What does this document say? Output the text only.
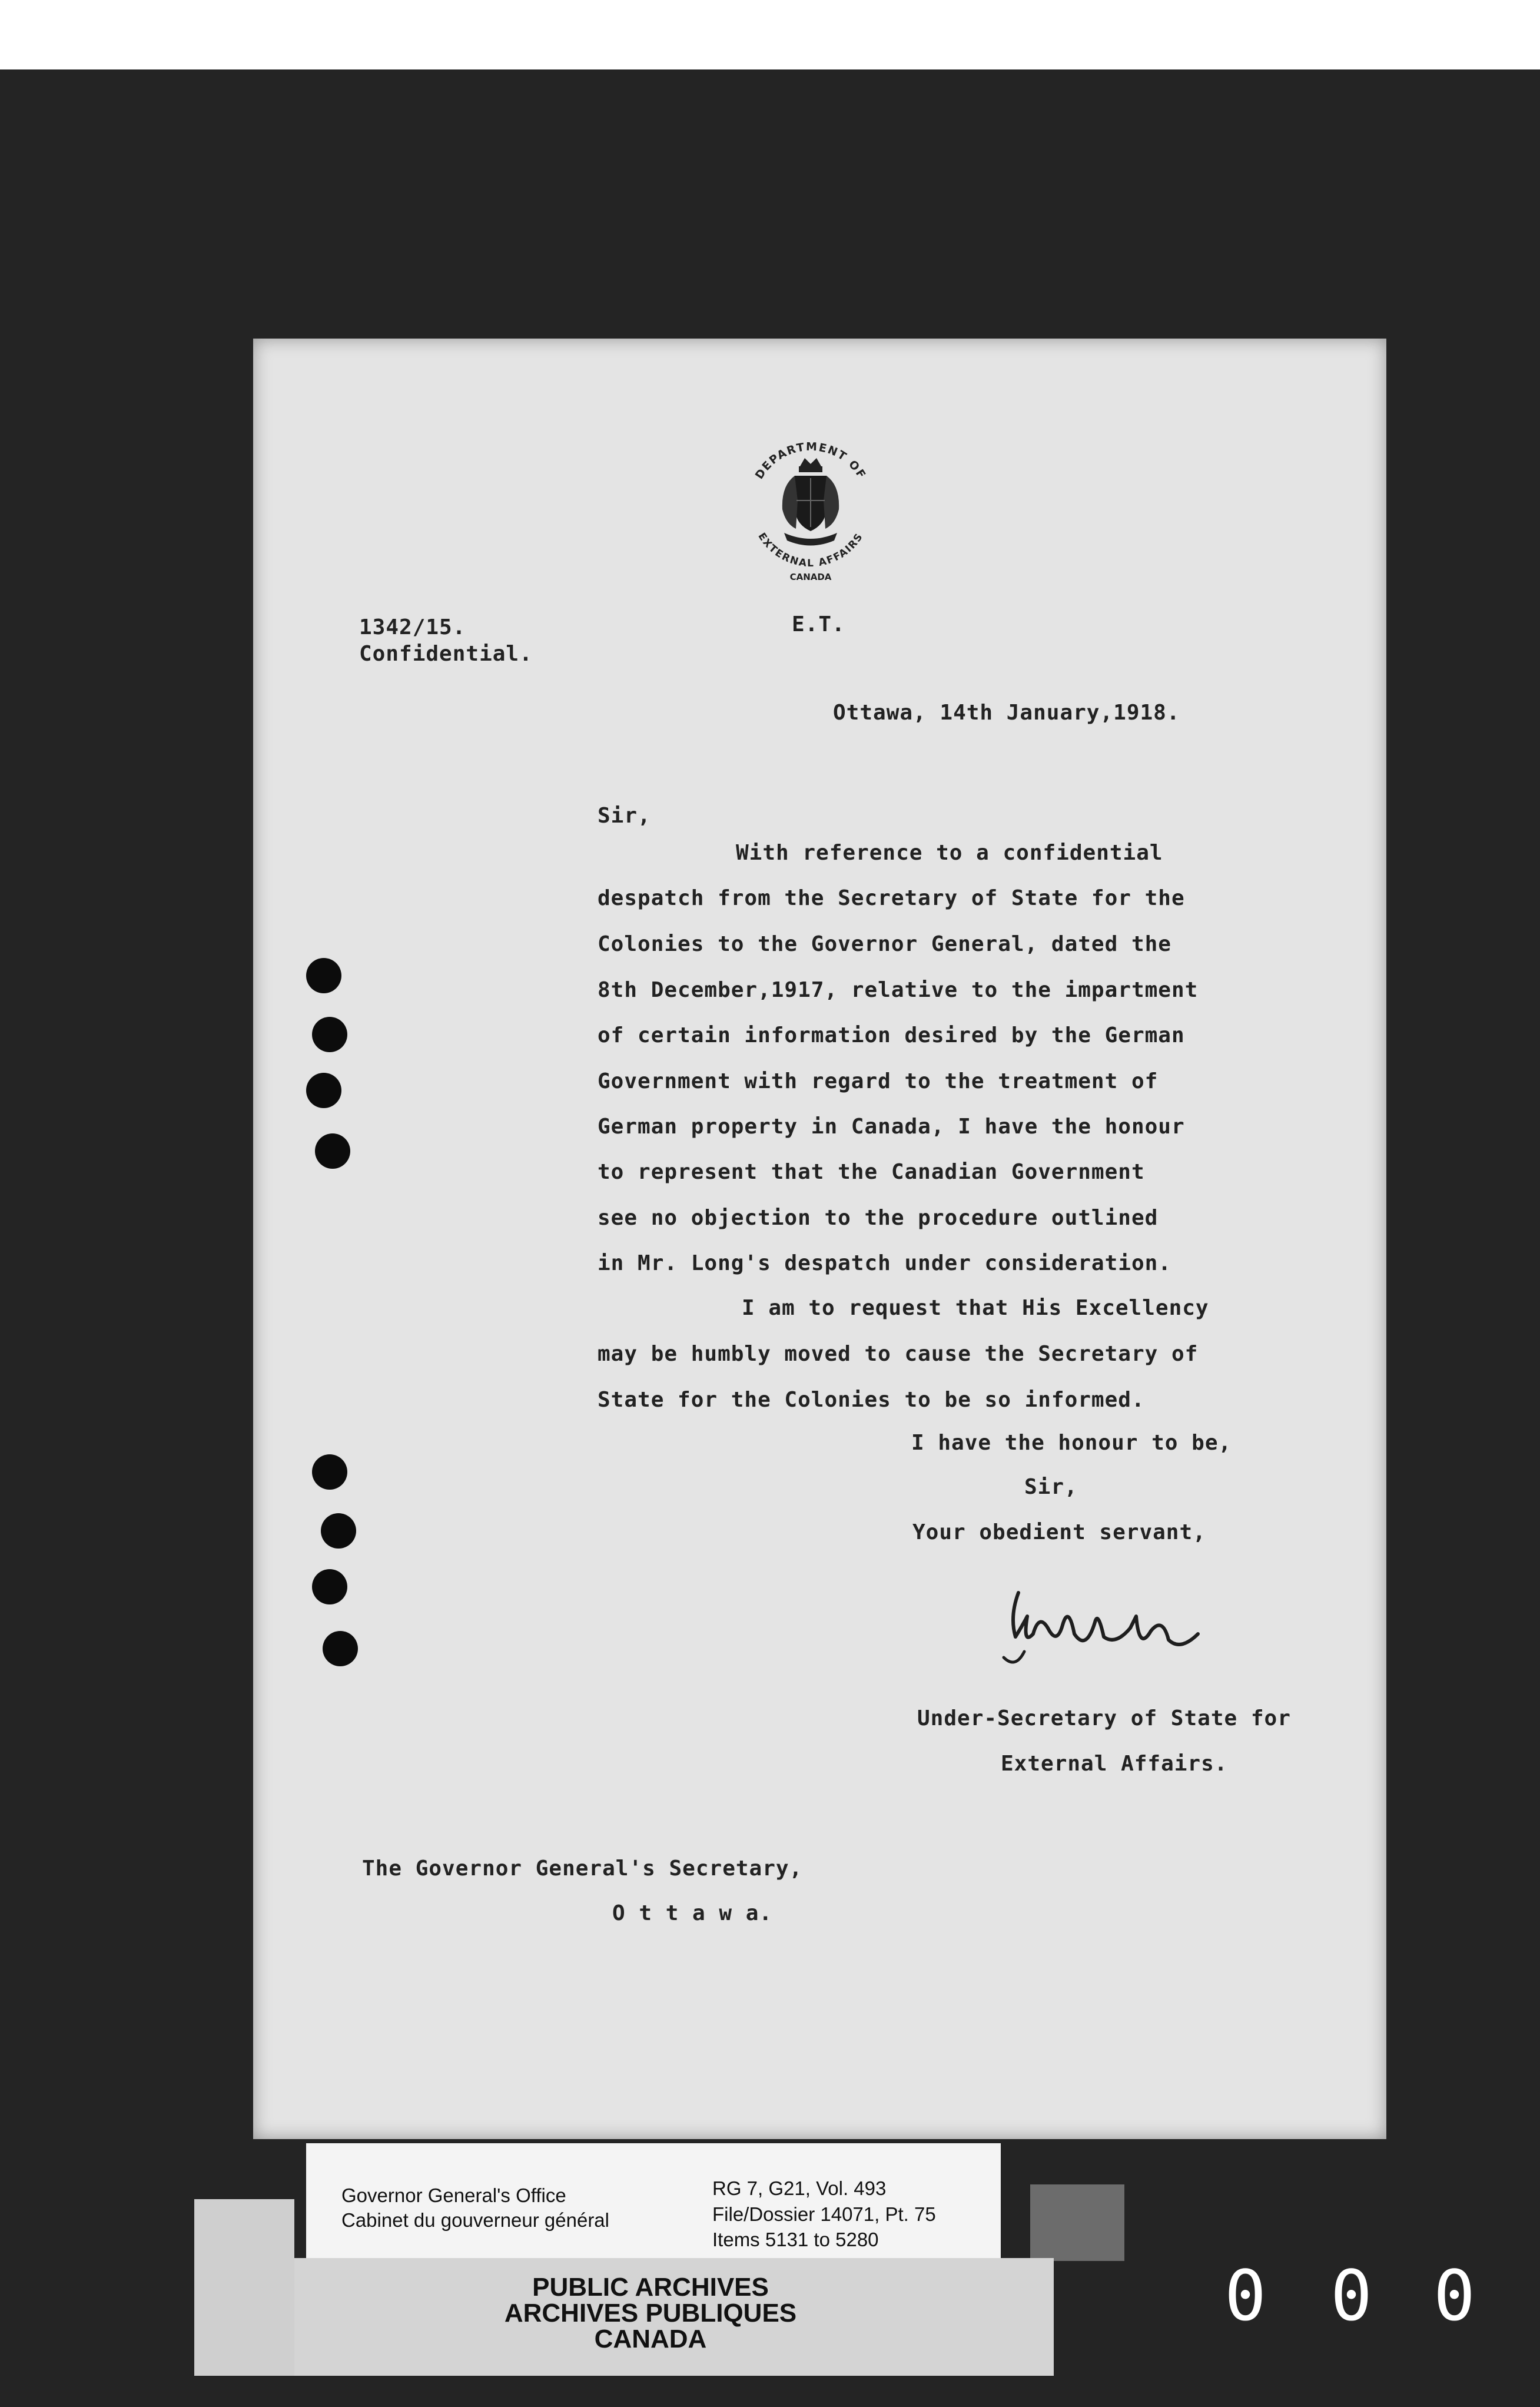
DEPARTMENT OF
EXTERNAL AFFAIRS
CANADA
1342/15.
Confidential.
E.T.
Ottawa, 14th January,1918.
Sir,
With reference to a confidential
despatch from the Secretary of State for the
Colonies to the Governor General, dated the
8th December,1917, relative to the impartment
of certain information desired by the German
Government with regard to the treatment of
German property in Canada, I have the honour
to represent that the Canadian Government
see no objection to the procedure outlined
in Mr. Long's despatch under consideration.
I am to request that His Excellency
may be humbly moved to cause the Secretary of
State for the Colonies to be so informed.
I have the honour to be,
Sir,
Your obedient servant,
Under-Secretary of State for
External Affairs.
The Governor General's Secretary,
O t t a w a.
Governor General's Office
Cabinet du gouverneur général
RG 7, G21, Vol. 493
File/Dossier 14071, Pt. 75
Items 5131 to 5280
PUBLIC ARCHIVES
ARCHIVES PUBLIQUES
CANADA
0 0 0
